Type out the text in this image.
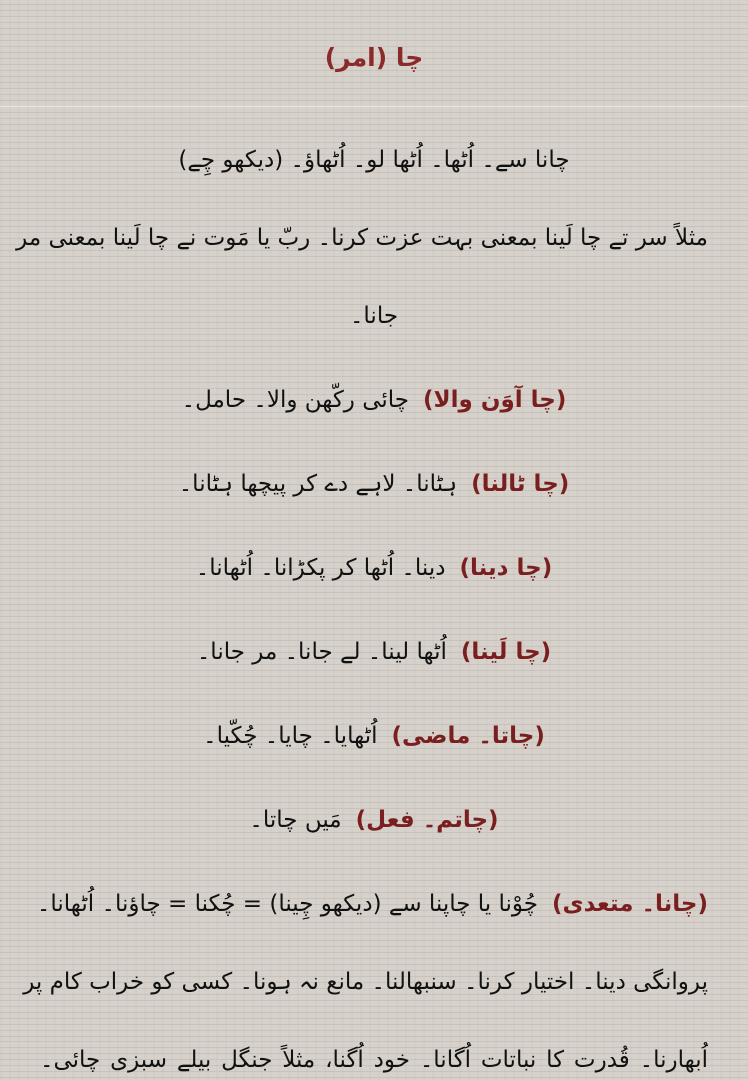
چا (امر)
چانا سے۔ اُٹھا۔ اُٹھا لو۔ اُٹھاؤ۔ (دیکھو چِے)
مثلاً سر تے چا لَینا بمعنی بہت عزت کرنا۔ ربّ یا مَوت نے چا لَینا بمعنی مر
جانا۔
(چا آوَن والا)چائی رکّھن والا۔ حامل۔
(چا ٹالنا)ہٹانا۔ لاہے دے کر پیچھا ہٹانا۔
(چا دینا)دینا۔ اُٹھا کر پکڑانا۔ اُٹھانا۔
(چا لَینا)اُٹھا لینا۔ لے جانا۔ مر جانا۔
(چاتا۔ ماضی)اُٹھایا۔ چایا۔ چُکّیا۔
(چاتم۔ فعل)مَیں چاتا۔
(چانا۔ متعدی)چُوْنا یا چاپنا سے (دیکھو چِینا) = چُکنا = چاؤنا۔ اُٹھانا۔
پروانگی دینا۔ اختیار کرنا۔ سنبھالنا۔ مانع نہ ہونا۔ کسی کو خراب کام پر
اُبھارنا۔ قُدرت کا نباتات اُگانا۔ خود اُگنا، مثلاً جنگل بیلے سبزی چائی۔
